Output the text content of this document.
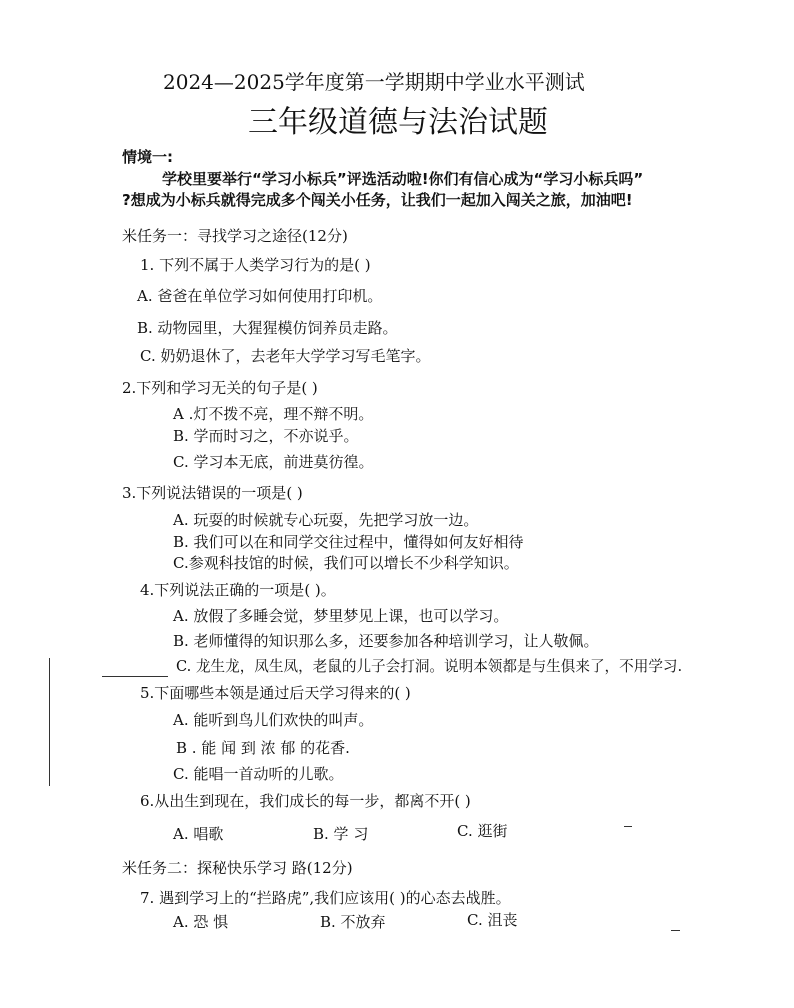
2024—2025学年度第一学期期中学业水平测试
三年级道德与法治试题
情境一:
学校里要举行“学习小标兵”评选活动啦!你们有信心成为“学习小标兵吗”
?想成为小标兵就得完成多个闯关小任务，让我们一起加入闯关之旅，加油吧!
米任务一：寻找学习之途径(12分)
1. 下列不属于人类学习行为的是( )
A. 爸爸在单位学习如何使用打印机。
B. 动物园里，大猩猩模仿饲养员走路。
C. 奶奶退休了，去老年大学学习写毛笔字。
2.下列和学习无关的句子是( )
A .灯不拨不亮，理不辩不明。
B. 学而时习之，不亦说乎。
C. 学习本无底，前进莫彷徨。
3.下列说法错误的一项是( )
A. 玩耍的时候就专心玩耍，先把学习放一边。
B. 我们可以在和同学交往过程中，懂得如何友好相待
C.参观科技馆的时候，我们可以增长不少科学知识。
4.下列说法正确的一项是( )。
A. 放假了多睡会觉，梦里梦见上课，也可以学习。
B. 老师懂得的知识那么多，还要参加各种培训学习，让人敬佩。
C. 龙生龙，凤生凤，老鼠的儿子会打洞。说明本领都是与生俱来了，不用学习.
5.下面哪些本领是通过后天学习得来的( )
A. 能听到鸟儿们欢快的叫声。
B . 能 闻 到 浓 郁 的花香.
C. 能唱一首动听的儿歌。
6.从出生到现在，我们成长的每一步，都离不开( )
A. 唱歌	B. 学 习	C. 逛街
米任务二：探秘快乐学习 路(12分)
7. 遇到学习上的“拦路虎”,我们应该用( )的心态去战胜。
A. 恐 惧	B. 不放弃	C. 沮丧
